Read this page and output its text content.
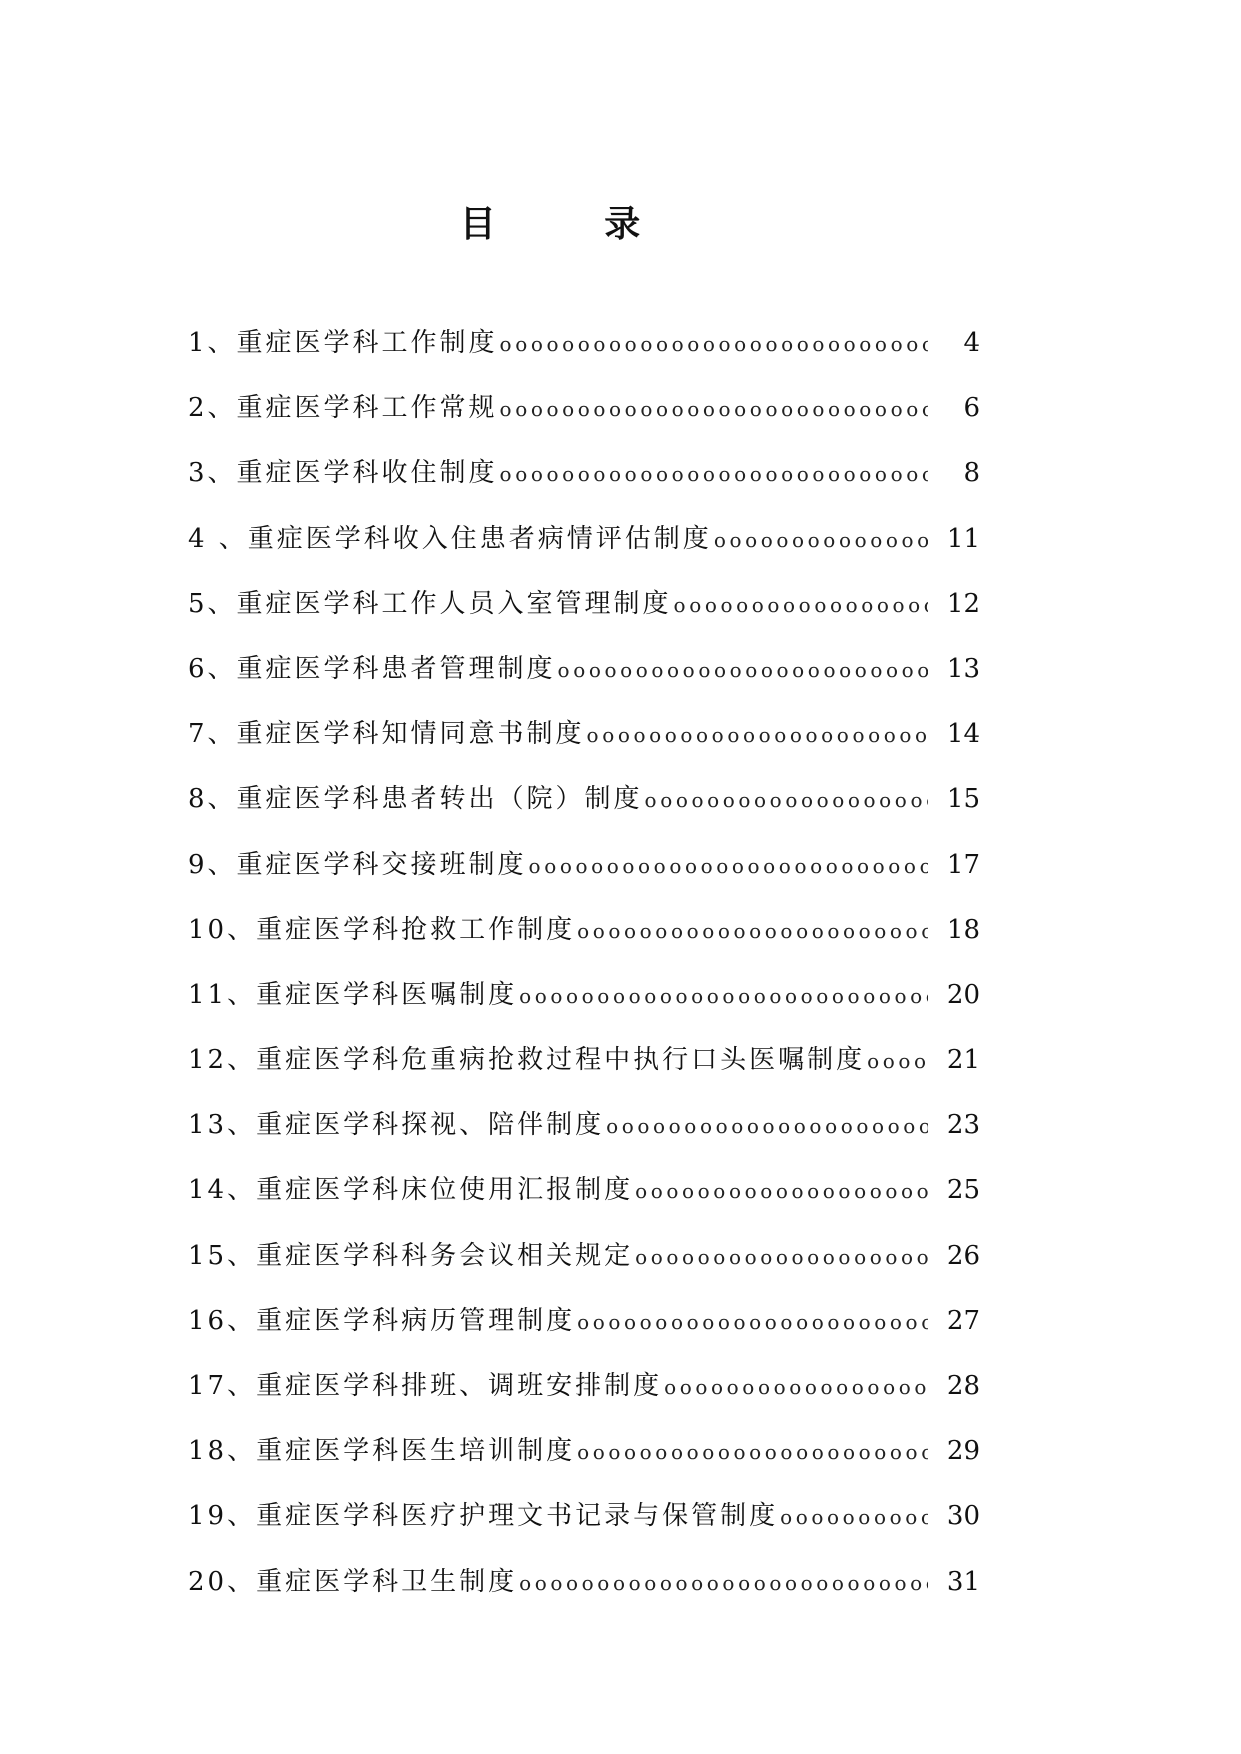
目 录
1、重症医学科工作制度 oooooooooooooooooooooooooooooooooooooooooooooooooooooooooooooooooooo	4
2、重症医学科工作常规 oooooooooooooooooooooooooooooooooooooooooooooooooooooooooooooooooooo	6
3、重症医学科收住制度 oooooooooooooooooooooooooooooooooooooooooooooooooooooooooooooooooooo	8
4 、重症医学科收入住患者病情评估制度 oooooooooooooooooooooooooooooooooooooooooooooooooooooooooooooooooooo	11
5、重症医学科工作人员入室管理制度 oooooooooooooooooooooooooooooooooooooooooooooooooooooooooooooooooooo	12
6、重症医学科患者管理制度 oooooooooooooooooooooooooooooooooooooooooooooooooooooooooooooooooooo	13
7、重症医学科知情同意书制度 oooooooooooooooooooooooooooooooooooooooooooooooooooooooooooooooooooo	14
8、重症医学科患者转出（院）制度 oooooooooooooooooooooooooooooooooooooooooooooooooooooooooooooooooooo	15
9、重症医学科交接班制度 oooooooooooooooooooooooooooooooooooooooooooooooooooooooooooooooooooo	17
10、重症医学科抢救工作制度 oooooooooooooooooooooooooooooooooooooooooooooooooooooooooooooooooooo	18
11、重症医学科医嘱制度 oooooooooooooooooooooooooooooooooooooooooooooooooooooooooooooooooooo	20
12、重症医学科危重病抢救过程中执行口头医嘱制度 oooooooooooooooooooooooooooooooooooooooooooooooooooooooooooooooooooo	21
13、重症医学科探视、陪伴制度 oooooooooooooooooooooooooooooooooooooooooooooooooooooooooooooooooooo	23
14、重症医学科床位使用汇报制度 oooooooooooooooooooooooooooooooooooooooooooooooooooooooooooooooooooo	25
15、重症医学科科务会议相关规定 oooooooooooooooooooooooooooooooooooooooooooooooooooooooooooooooooooo	26
16、重症医学科病历管理制度 oooooooooooooooooooooooooooooooooooooooooooooooooooooooooooooooooooo	27
17、重症医学科排班、调班安排制度 oooooooooooooooooooooooooooooooooooooooooooooooooooooooooooooooooooo	28
18、重症医学科医生培训制度 oooooooooooooooooooooooooooooooooooooooooooooooooooooooooooooooooooo	29
19、重症医学科医疗护理文书记录与保管制度 oooooooooooooooooooooooooooooooooooooooooooooooooooooooooooooooooooo	30
20、重症医学科卫生制度 oooooooooooooooooooooooooooooooooooooooooooooooooooooooooooooooooooo	31
